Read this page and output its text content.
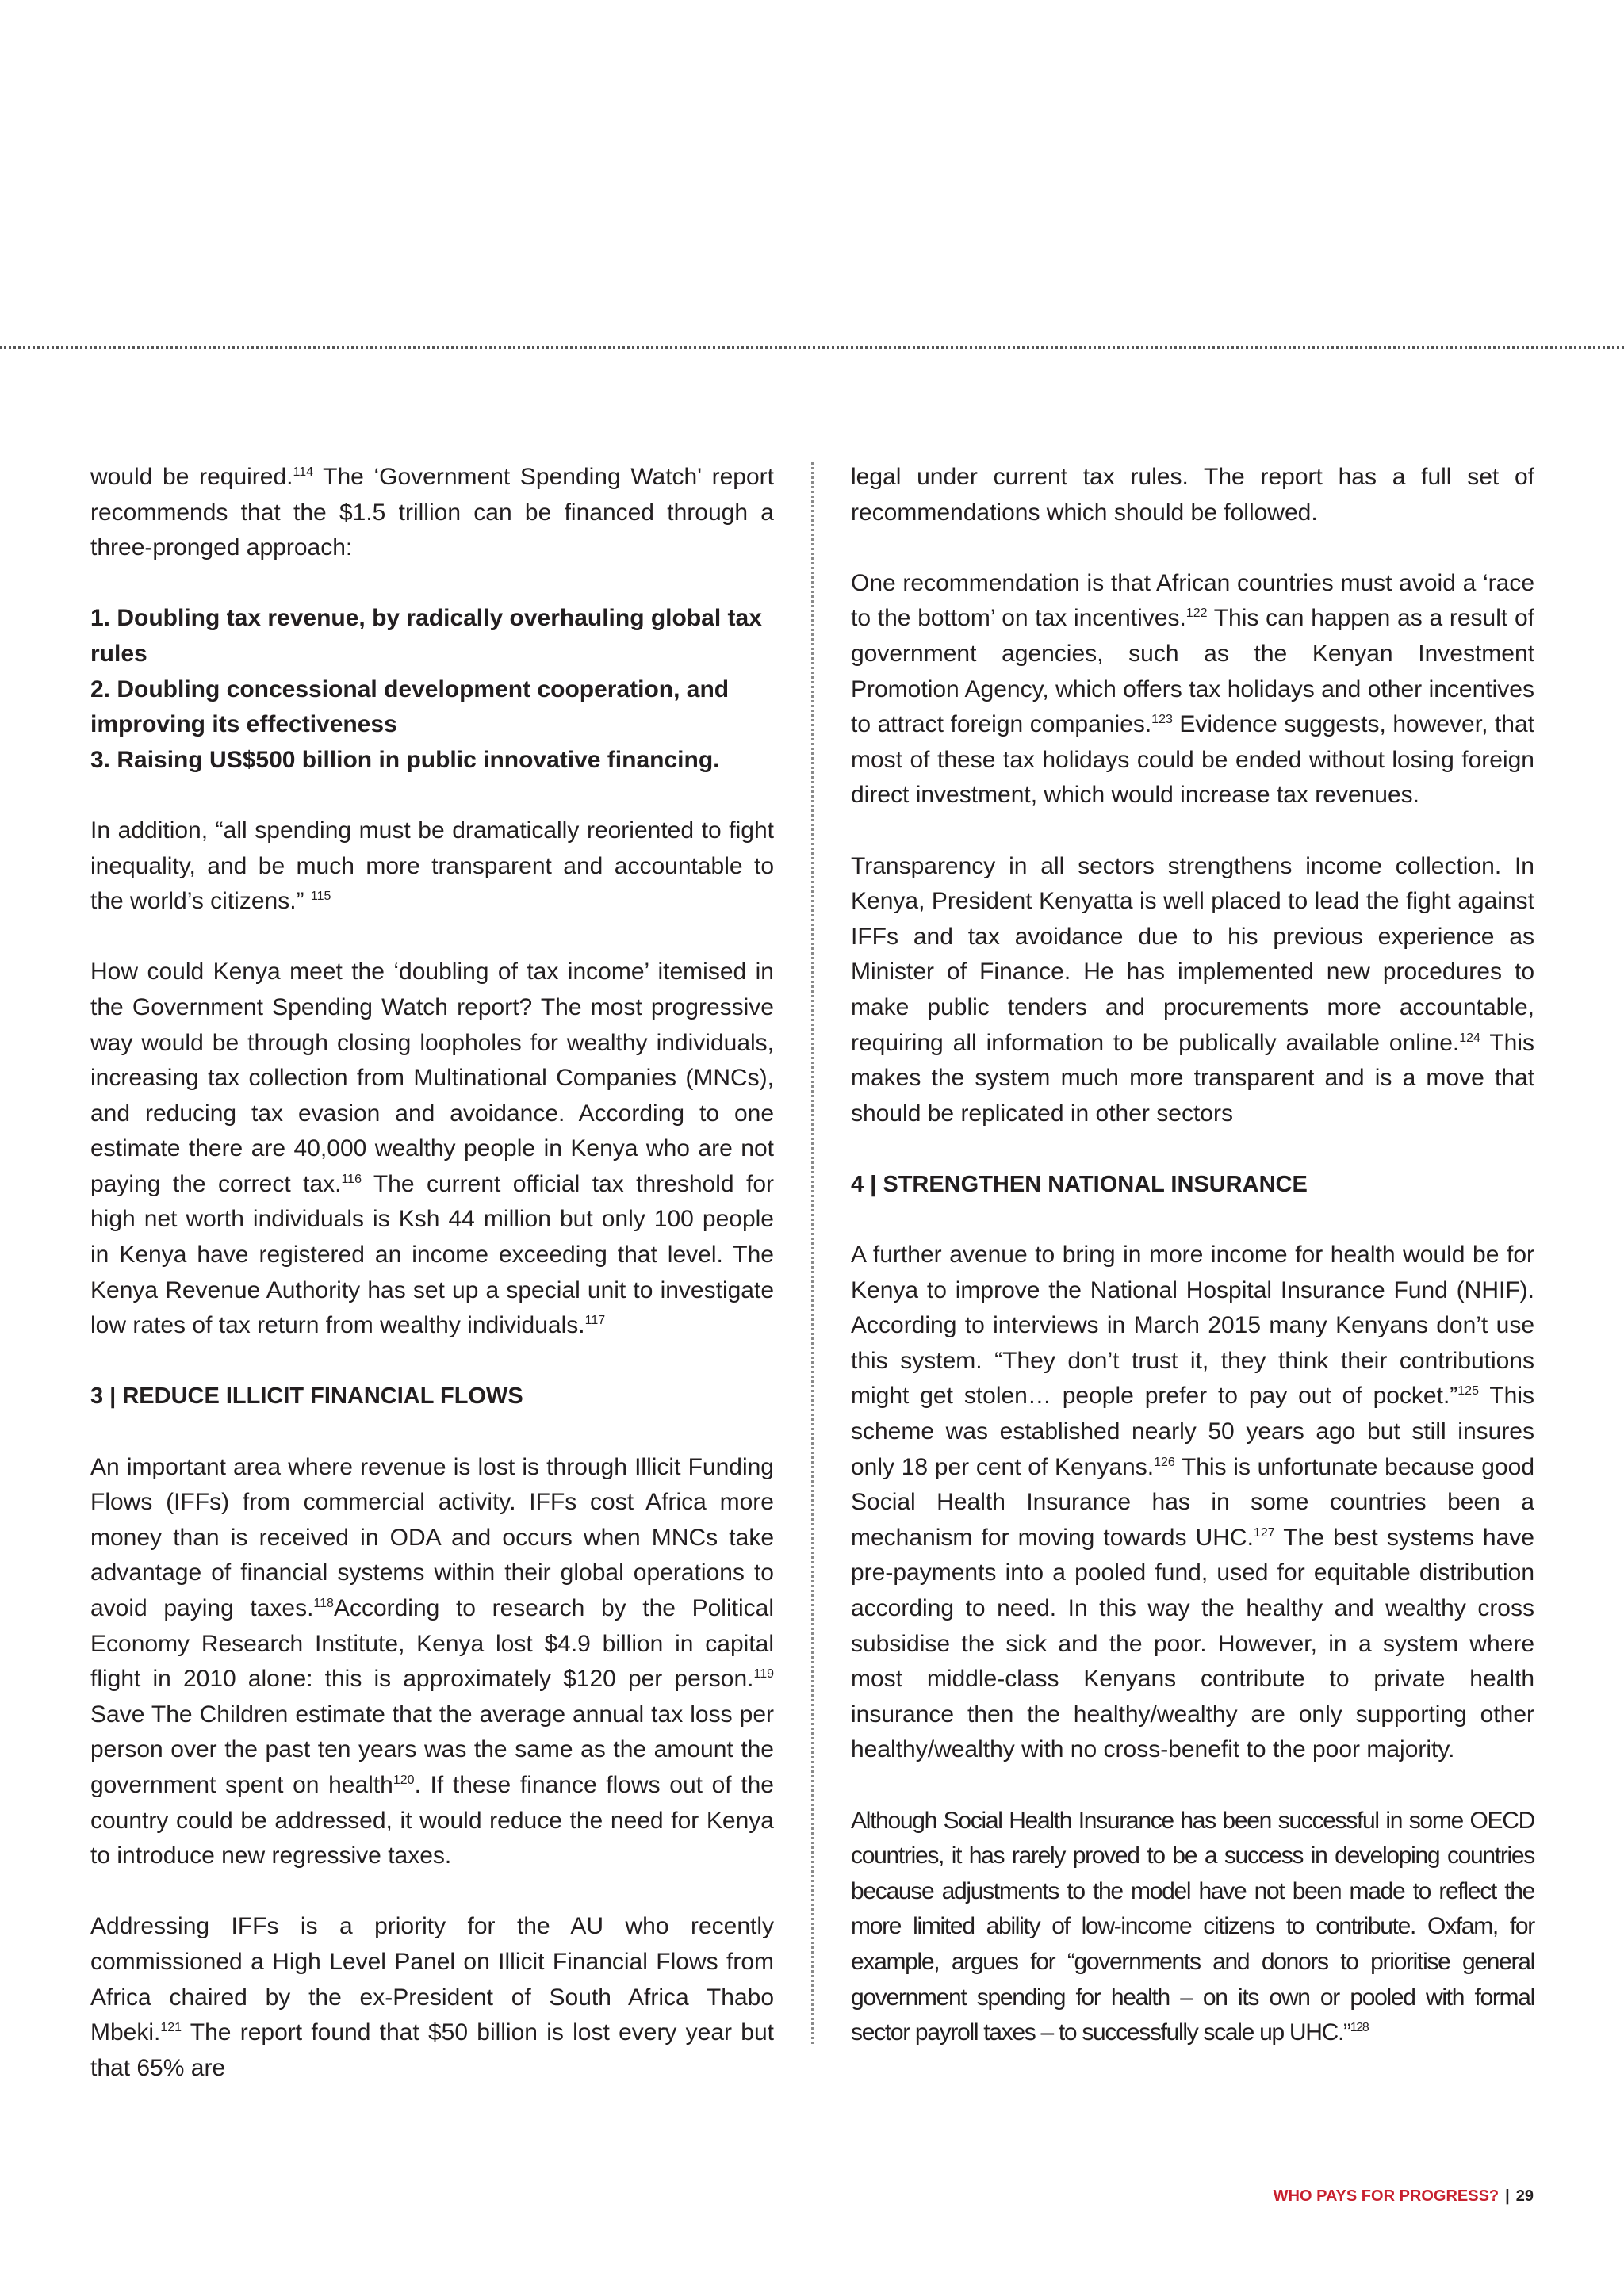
would be required.$^{114}$ The ‘Government Spending Watch' report recommends that the $1.5 trillion can be financed through a three-pronged approach:

1. Doubling tax revenue, by radically overhauling global tax rules
2. Doubling concessional development cooperation, and improving its effectiveness
3. Raising US$500 billion in public innovative financing.

In addition, “all spending must be dramatically reoriented to fight inequality, and be much more transparent and accountable to the world’s citizens.” $^{115}$

How could Kenya meet the ‘doubling of tax income’ itemised in the Government Spending Watch report? The most progressive way would be through closing loopholes for wealthy individuals, increasing tax collection from Multinational Companies (MNCs), and reducing tax evasion and avoidance. According to one estimate there are 40,000 wealthy people in Kenya who are not paying the correct tax.$^{116}$ The current official tax threshold for high net worth individuals is Ksh 44 million but only 100 people in Kenya have registered an income exceeding that level. The Kenya Revenue Authority has set up a special unit to investigate low rates of tax return from wealthy individuals.$^{117}$

3 | REDUCE ILLICIT FINANCIAL FLOWS

An important area where revenue is lost is through Illicit Funding Flows (IFFs) from commercial activity. IFFs cost Africa more money than is received in ODA and occurs when MNCs take advantage of financial systems within their global operations to avoid paying taxes.$^{118}$According to research by the Political Economy Research Institute, Kenya lost $4.9 billion in capital flight in 2010 alone: this is approximately $120 per person.$^{119}$ Save The Children estimate that the average annual tax loss per person over the past ten years was the same as the amount the government spent on health$^{120}$. If these finance flows out of the country could be addressed, it would reduce the need for Kenya to introduce new regressive taxes.

Addressing IFFs is a priority for the AU who recently commissioned a High Level Panel on Illicit Financial Flows from Africa chaired by the ex-President of South Africa Thabo Mbeki.$^{121}$ The report found that $50 billion is lost every year but that 65% are

legal under current tax rules. The report has a full set of recommendations which should be followed.

One recommendation is that African countries must avoid a ‘race to the bottom’ on tax incentives.$^{122}$ This can happen as a result of government agencies, such as the Kenyan Investment Promotion Agency, which offers tax holidays and other incentives to attract foreign companies.$^{123}$ Evidence suggests, however, that most of these tax holidays could be ended without losing foreign direct investment, which would increase tax revenues.

Transparency in all sectors strengthens income collection. In Kenya, President Kenyatta is well placed to lead the fight against IFFs and tax avoidance due to his previous experience as Minister of Finance. He has implemented new procedures to make public tenders and procurements more accountable, requiring all information to be publically available online.$^{124}$ This makes the system much more transparent and is a move that should be replicated in other sectors

4 | STRENGTHEN NATIONAL INSURANCE

A further avenue to bring in more income for health would be for Kenya to improve the National Hospital Insurance Fund (NHIF). According to interviews in March 2015 many Kenyans don’t use this system. “They don’t trust it, they think their contributions might get stolen… people prefer to pay out of pocket.”$^{125}$ This scheme was established nearly 50 years ago but still insures only 18 per cent of Kenyans.$^{126}$ This is unfortunate because good Social Health Insurance has in some countries been a mechanism for moving towards UHC.$^{127}$ The best systems have pre-payments into a pooled fund, used for equitable distribution according to need. In this way the healthy and wealthy cross subsidise the sick and the poor. However, in a system where most middle-class Kenyans contribute to private health insurance then the healthy/wealthy are only supporting other healthy/wealthy with no cross-benefit to the poor majority.

Although Social Health Insurance has been successful in some OECD countries, it has rarely proved to be a success in developing countries because adjustments to the model have not been made to reflect the more limited ability of low-income citizens to contribute. Oxfam, for example, argues for “governments and donors to prioritise general government spending for health – on its own or pooled with formal sector payroll taxes – to successfully scale up UHC.”$^{128}$

WHO PAYS FOR PROGRESS? | 29
